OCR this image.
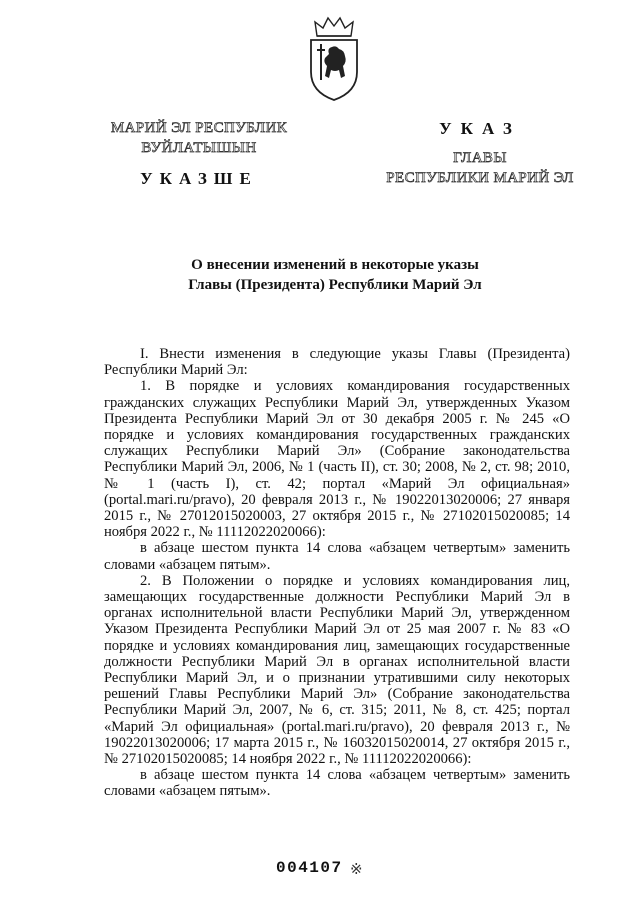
МАРИЙ ЭЛ РЕСПУБЛИК
ВУЙЛАТЫШЫН
УКАЗШЕ
УКАЗ
ГЛАВЫ
РЕСПУБЛИКИ МАРИЙ ЭЛ
О внесении изменений в некоторые указы
Главы (Президента) Республики Марий Эл

I. Внести изменения в следующие указы Главы (Президента) Республики Марий Эл:

1. В порядке и условиях командирования государственных гражданских служащих Республики Марий Эл, утвержденных Указом Президента Республики Марий Эл от 30 декабря 2005 г. № 245 «О порядке и условиях командирования государственных гражданских служащих Республики Марий Эл» (Собрание законодательства Республики Марий Эл, 2006, № 1 (часть II), ст. 30; 2008, № 2, ст. 98; 2010, № 1 (часть I), ст. 42; портал «Марий Эл официальная» (portal.mari.ru/pravo), 20 февраля 2013 г., № 19022013020006; 27 января 2015 г., № 27012015020003, 27 октября 2015 г., № 27102015020085; 14 ноября 2022 г., № 11112022020066):

в абзаце шестом пункта 14 слова «абзацем четвертым» заменить словами «абзацем пятым».

2. В Положении о порядке и условиях командирования лиц, замещающих государственные должности Республики Марий Эл в органах исполнительной власти Республики Марий Эл, утвержденном Указом Президента Республики Марий Эл от 25 мая 2007 г. № 83 «О порядке и условиях командирования лиц, замещающих государственные должности Республики Марий Эл в органах исполнительной власти Республики Марий Эл, и о признании утратившими силу некоторых решений Главы Республики Марий Эл» (Собрание законодательства Республики Марий Эл, 2007, № 6, ст. 315; 2011, № 8, ст. 425; портал «Марий Эл официальная» (portal.mari.ru/pravo), 20 февраля 2013 г., № 19022013020006; 17 марта 2015 г., № 16032015020014, 27 октября 2015 г., № 27102015020085; 14 ноября 2022 г., № 11112022020066):

в абзаце шестом пункта 14 слова «абзацем четвертым» заменить словами «абзацем пятым».

004107 ※
